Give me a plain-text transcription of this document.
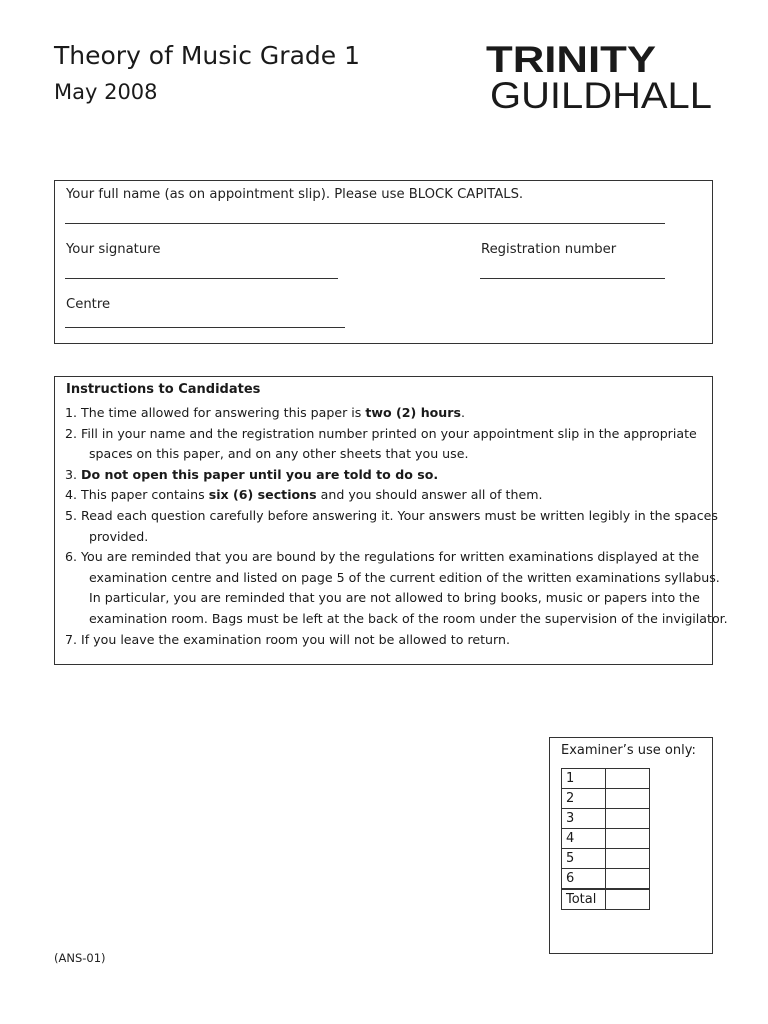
Theory of Music Grade 1
May 2008
TRINITY
GUILDHALL
Your full name (as on appointment slip). Please use BLOCK CAPITALS.
Your signature	Registration number
Centre
Instructions to Candidates
1. The time allowed for answering this paper is two (2) hours.
2. Fill in your name and the registration number printed on your appointment slip in the appropriate
spaces on this paper, and on any other sheets that you use.
3. Do not open this paper until you are told to do so.
4. This paper contains six (6) sections and you should answer all of them.
5. Read each question carefully before answering it. Your answers must be written legibly in the spaces
provided.
6. You are reminded that you are bound by the regulations for written examinations displayed at the
examination centre and listed on page 5 of the current edition of the written examinations syllabus.
In particular, you are reminded that you are not allowed to bring books, music or papers into the
examination room. Bags must be left at the back of the room under the supervision of the invigilator.
7. If you leave the examination room you will not be allowed to return.
Examiner’s use only:
1	
2	
3	
4	
5	
6	
Total	
(ANS-01)
